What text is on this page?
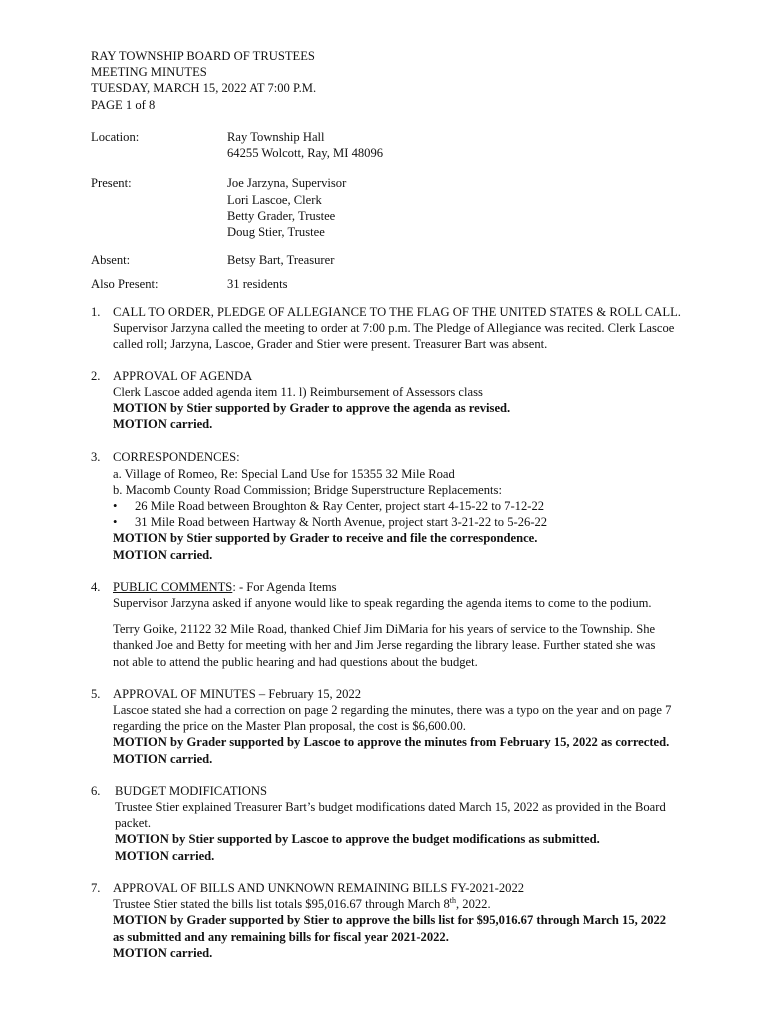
RAY TOWNSHIP BOARD OF TRUSTEES
MEETING MINUTES
TUESDAY, MARCH 15, 2022 AT 7:00 P.M.
PAGE 1 of 8
Location:	Ray Township Hall
64255 Wolcott, Ray, MI 48096
Present:	Joe Jarzyna, Supervisor
Lori Lascoe, Clerk
Betty Grader, Trustee
Doug Stier, Trustee
Absent:	Betsy Bart, Treasurer
Also Present:	31 residents
1. CALL TO ORDER, PLEDGE OF ALLEGIANCE TO THE FLAG OF THE UNITED STATES & ROLL CALL.
Supervisor Jarzyna called the meeting to order at 7:00 p.m. The Pledge of Allegiance was recited. Clerk Lascoe
called roll; Jarzyna, Lascoe, Grader and Stier were present. Treasurer Bart was absent.
2. APPROVAL OF AGENDA
Clerk Lascoe added agenda item 11. l) Reimbursement of Assessors class
MOTION by Stier supported by Grader to approve the agenda as revised.
MOTION carried.
3. CORRESPONDENCES:
a. Village of Romeo, Re: Special Land Use for 15355 32 Mile Road
b. Macomb County Road Commission; Bridge Superstructure Replacements:
•	26 Mile Road between Broughton & Ray Center, project start 4-15-22 to 7-12-22
•	31 Mile Road between Hartway & North Avenue, project start 3-21-22 to 5-26-22
MOTION by Stier supported by Grader to receive and file the correspondence.
MOTION carried.
4. PUBLIC COMMENTS: - For Agenda Items
Supervisor Jarzyna asked if anyone would like to speak regarding the agenda items to come to the podium.
Terry Goike, 21122 32 Mile Road, thanked Chief Jim DiMaria for his years of service to the Township. She
thanked Joe and Betty for meeting with her and Jim Jerse regarding the library lease. Further stated she was
not able to attend the public hearing and had questions about the budget.
5. APPROVAL OF MINUTES – February 15, 2022
Lascoe stated she had a correction on page 2 regarding the minutes, there was a typo on the year and on page 7
regarding the price on the Master Plan proposal, the cost is $6,600.00.
MOTION by Grader supported by Lascoe to approve the minutes from February 15, 2022 as corrected.
MOTION carried.
6.	BUDGET MODIFICATIONS
Trustee Stier explained Treasurer Bart’s budget modifications dated March 15, 2022 as provided in the Board
packet.
MOTION by Stier supported by Lascoe to approve the budget modifications as submitted.
MOTION carried.
7. APPROVAL OF BILLS AND UNKNOWN REMAINING BILLS FY-2021-2022
Trustee Stier stated the bills list totals $95,016.67 through March 8th, 2022.
MOTION by Grader supported by Stier to approve the bills list for $95,016.67 through March 15, 2022
as submitted and any remaining bills for fiscal year 2021-2022.
MOTION carried.
